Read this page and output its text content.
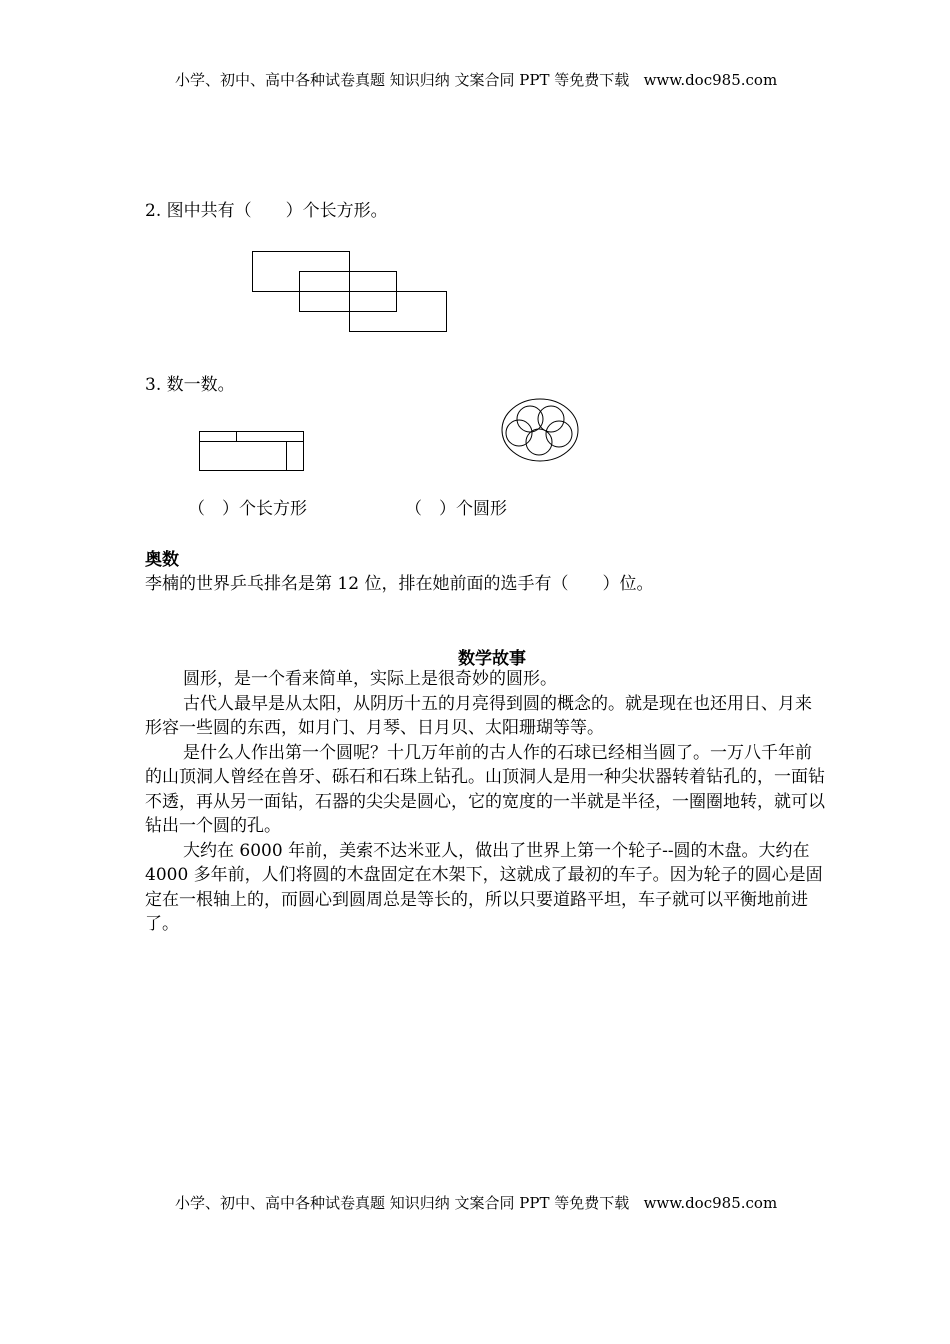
小学、初中、高中各种试卷真题 知识归纳 文案合同 PPT 等免费下载 www.doc985.com
2. 图中共有（　　）个长方形。
3. 数一数。
（　）个长方形	（　）个圆形
奥数
李楠的世界乒乓排名是第 12 位，排在她前面的选手有（　　）位。
数学故事

圆形，是一个看来简单，实际上是很奇妙的圆形。

古代人最早是从太阳，从阴历十五的月亮得到圆的概念的。就是现在也还用日、月来形容一些圆的东西，如月门、月琴、日月贝、太阳珊瑚等等。

是什么人作出第一个圆呢？十几万年前的古人作的石球已经相当圆了。一万八千年前的山顶洞人曾经在兽牙、砾石和石珠上钻孔。山顶洞人是用一种尖状器转着钻孔的，一面钻不透，再从另一面钻，石器的尖尖是圆心，它的宽度的一半就是半径，一圈圈地转，就可以钻出一个圆的孔。

大约在 6000 年前，美索不达米亚人，做出了世界上第一个轮子--圆的木盘。大约在 4000 多年前，人们将圆的木盘固定在木架下，这就成了最初的车子。因为轮子的圆心是固定在一根轴上的，而圆心到圆周总是等长的，所以只要道路平坦，车子就可以平衡地前进了。

小学、初中、高中各种试卷真题 知识归纳 文案合同 PPT 等免费下载 www.doc985.com
